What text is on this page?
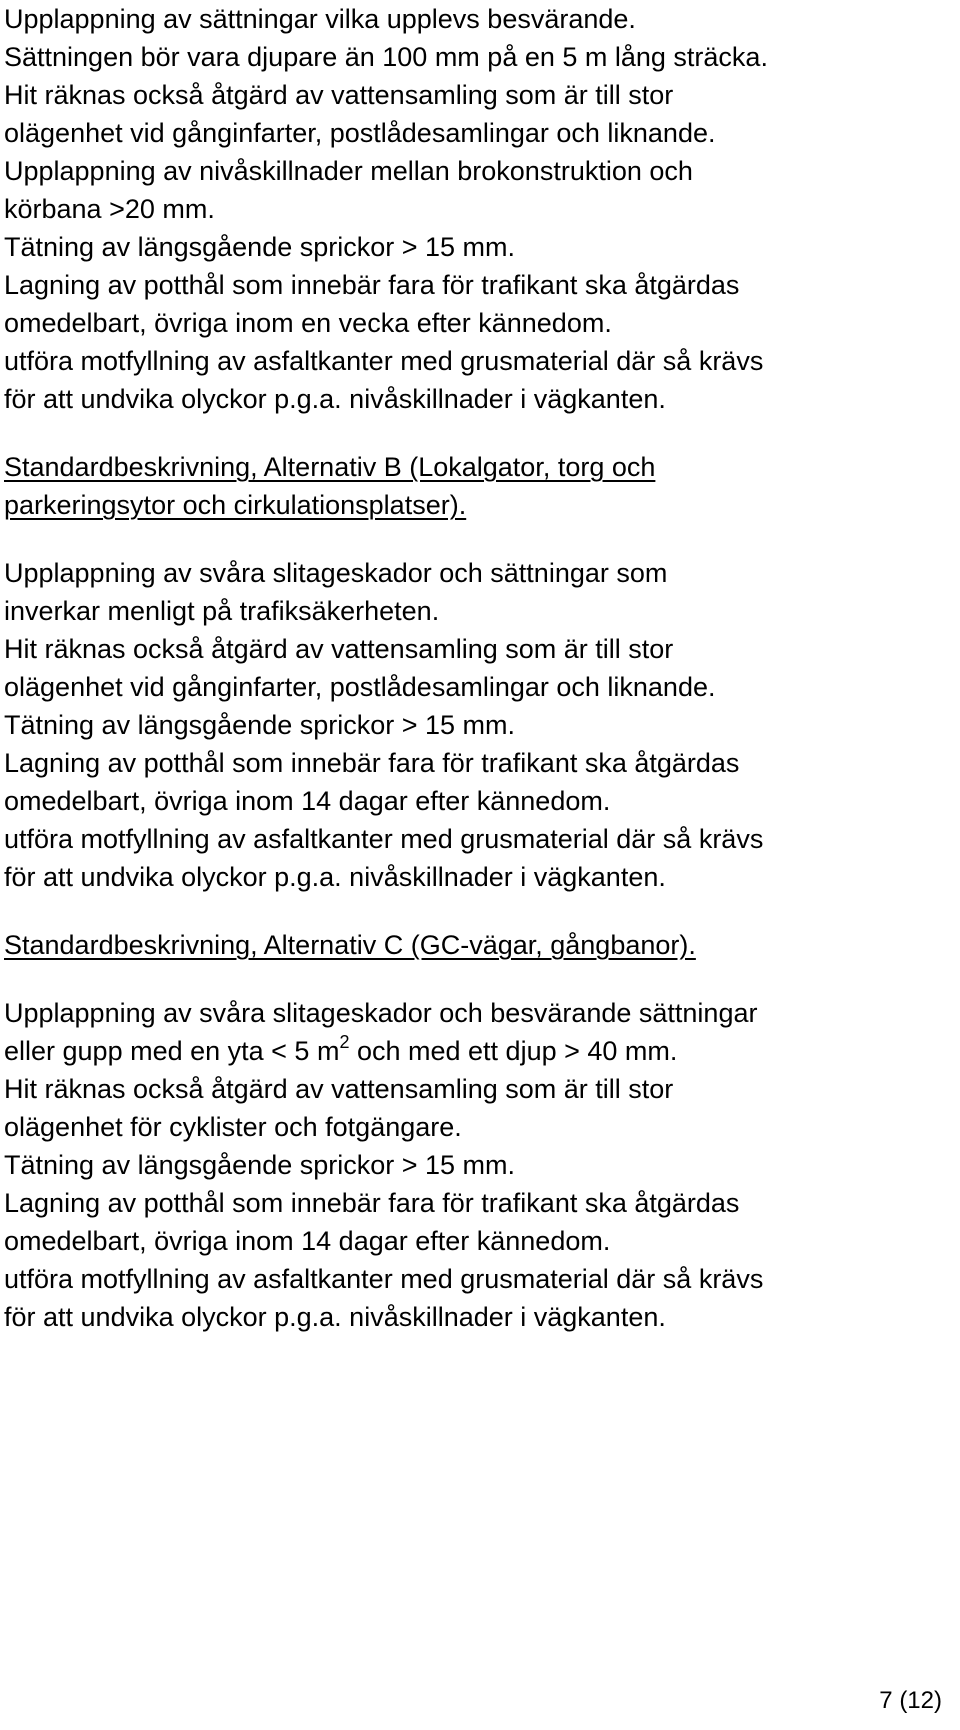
Upplappning av sättningar vilka upplevs besvärande.
Sättningen bör vara djupare än 100 mm på en 5 m lång sträcka.
Hit räknas också åtgärd av vattensamling som är till stor
olägenhet vid gånginfarter, postlådesamlingar och liknande.
Upplappning av nivåskillnader mellan brokonstruktion och
körbana >20 mm.
Tätning av längsgående sprickor > 15 mm.
Lagning av potthål som innebär fara för trafikant ska åtgärdas
omedelbart, övriga inom en vecka efter kännedom.
utföra motfyllning av asfaltkanter med grusmaterial där så krävs
för att undvika olyckor p.g.a. nivåskillnader i vägkanten.
Standardbeskrivning, Alternativ B (Lokalgator, torg och
parkeringsytor och cirkulationsplatser).
Upplappning av svåra slitageskador och sättningar som
inverkar menligt på trafiksäkerheten.
Hit räknas också åtgärd av vattensamling som är till stor
olägenhet vid gånginfarter, postlådesamlingar och liknande.
Tätning av längsgående sprickor > 15 mm.
Lagning av potthål som innebär fara för trafikant ska åtgärdas
omedelbart, övriga inom 14 dagar efter kännedom.
utföra motfyllning av asfaltkanter med grusmaterial där så krävs
för att undvika olyckor p.g.a. nivåskillnader i vägkanten.
Standardbeskrivning, Alternativ C (GC-vägar, gångbanor).
Upplappning av svåra slitageskador och besvärande sättningar
eller gupp med en yta < 5 $m^2$ och med ett djup > 40 mm.
Hit räknas också åtgärd av vattensamling som är till stor
olägenhet för cyklister och fotgängare.
Tätning av längsgående sprickor > 15 mm.
Lagning av potthål som innebär fara för trafikant ska åtgärdas
omedelbart, övriga inom 14 dagar efter kännedom.
utföra motfyllning av asfaltkanter med grusmaterial där så krävs
för att undvika olyckor p.g.a. nivåskillnader i vägkanten.
7 (12)
